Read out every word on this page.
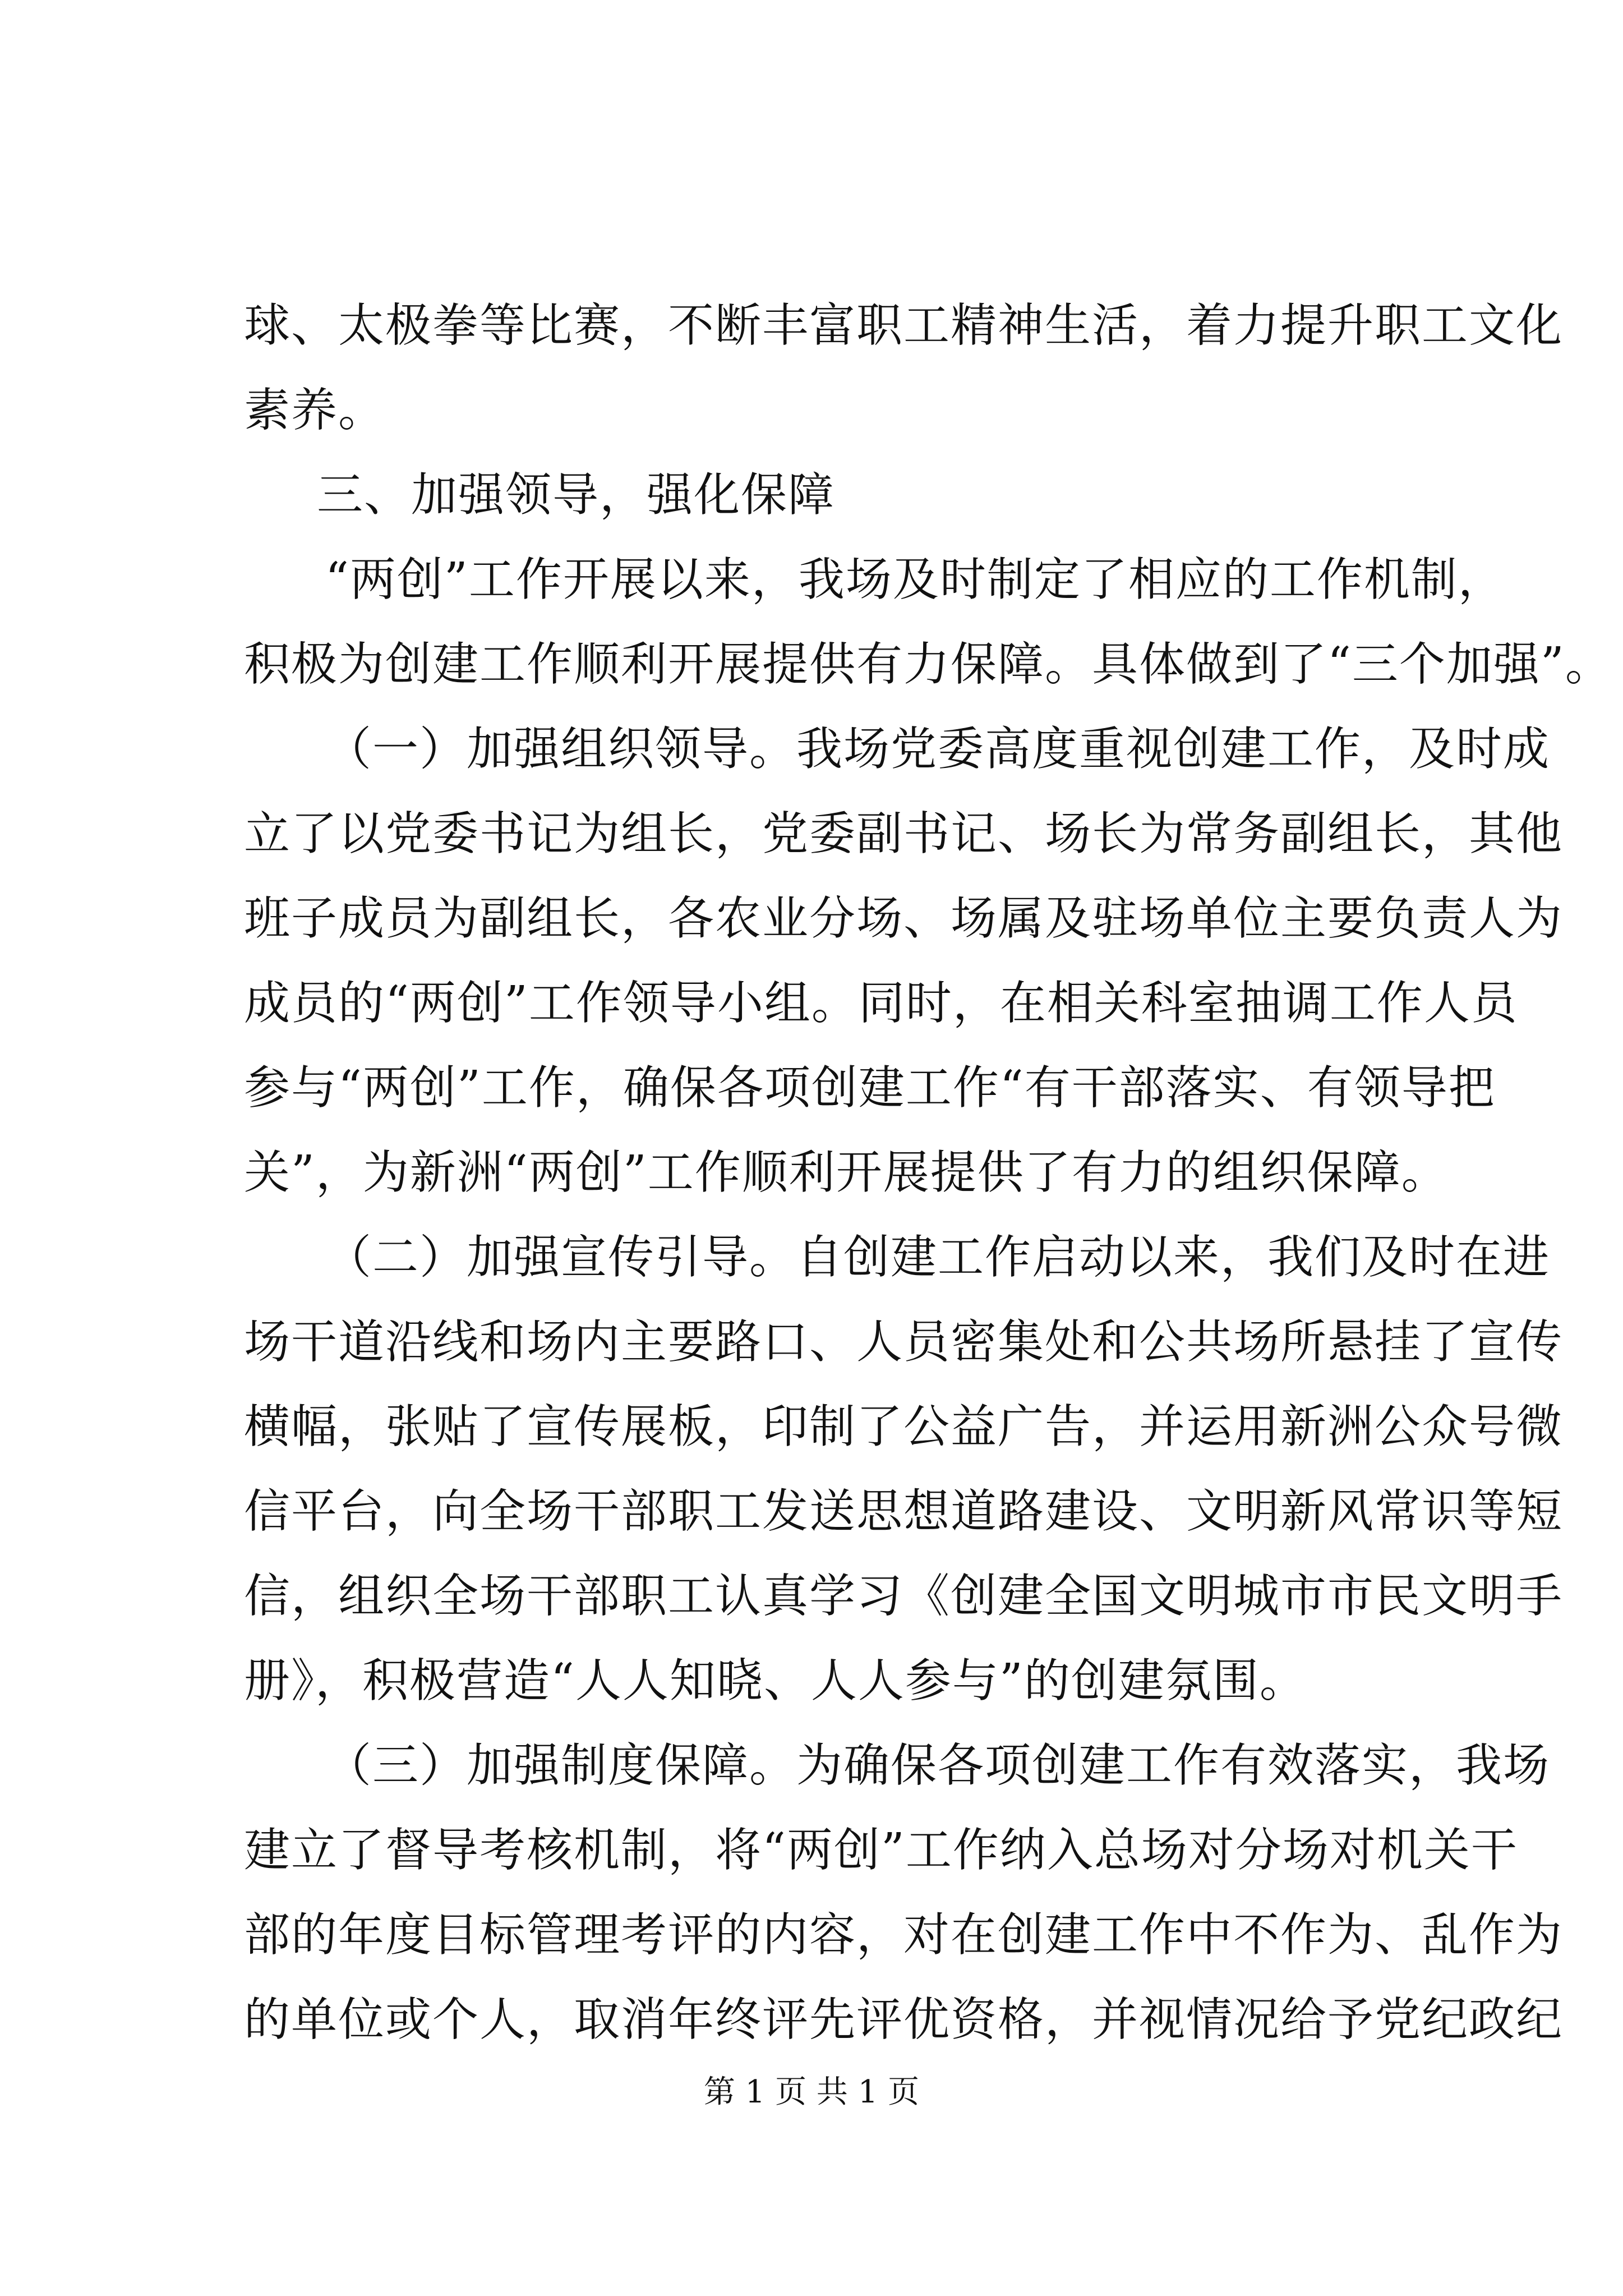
球、太极拳等比赛，不断丰富职工精神生活，着力提升职工文化
素养。
三、加强领导，强化保障
“两创”工作开展以来，我场及时制定了相应的工作机制，
积极为创建工作顺利开展提供有力保障。具体做到了“三个加强”。
（一）加强组织领导。我场党委高度重视创建工作，及时成
立了以党委书记为组长，党委副书记、场长为常务副组长，其他
班子成员为副组长，各农业分场、场属及驻场单位主要负责人为
成员的“两创”工作领导小组。同时，在相关科室抽调工作人员
参与“两创”工作，确保各项创建工作“有干部落实、有领导把
关”，为新洲“两创”工作顺利开展提供了有力的组织保障。
（二）加强宣传引导。自创建工作启动以来，我们及时在进
场干道沿线和场内主要路口、人员密集处和公共场所悬挂了宣传
横幅，张贴了宣传展板，印制了公益广告，并运用新洲公众号微
信平台，向全场干部职工发送思想道路建设、文明新风常识等短
信，组织全场干部职工认真学习《创建全国文明城市市民文明手
册》，积极营造“人人知晓、人人参与”的创建氛围。
（三）加强制度保障。为确保各项创建工作有效落实，我场
建立了督导考核机制，将“两创”工作纳入总场对分场对机关干
部的年度目标管理考评的内容，对在创建工作中不作为、乱作为
的单位或个人，取消年终评先评优资格，并视情况给予党纪政纪
第 1 页 共 1 页
